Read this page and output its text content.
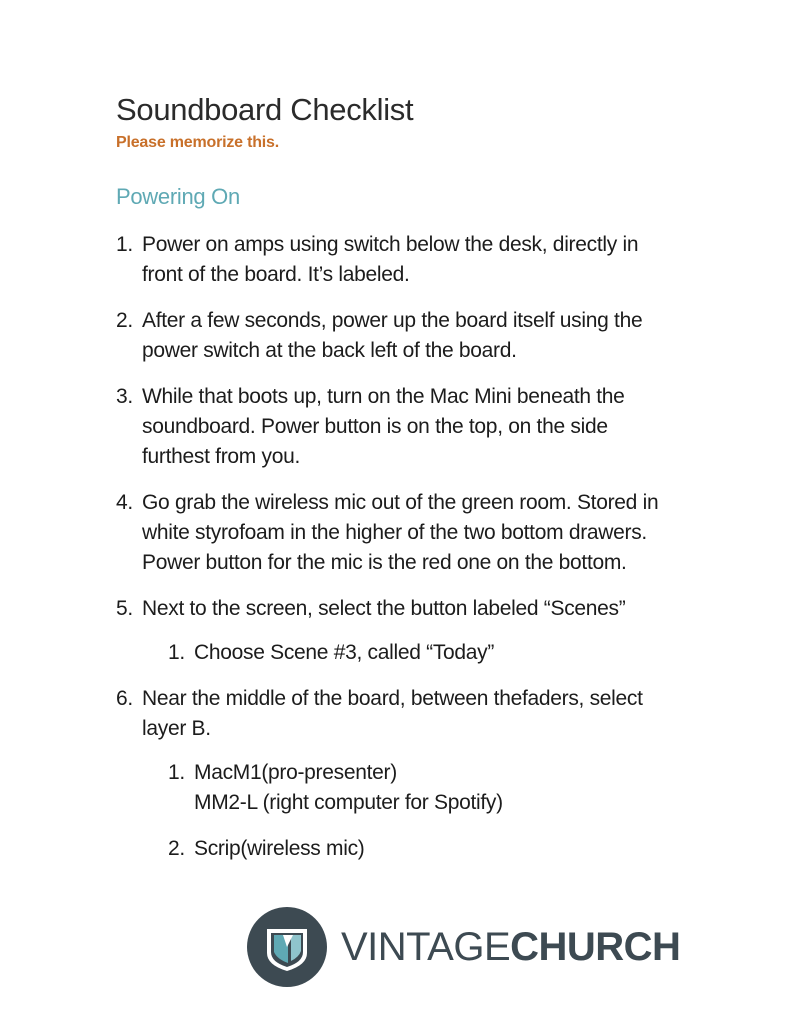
Soundboard Checklist

Please memorize this.

Powering On
1. Power on amps using switch below the desk, directly in
front of the board. It’s labeled.
2. After a few seconds, power up the board itself using the
power switch at the back left of the board.
3. While that boots up, turn on the Mac Mini beneath the
soundboard. Power button is on the top, on the side
furthest from you.
4. Go grab the wireless mic out of the green room. Stored in
white styrofoam in the higher of the two bottom drawers.
Power button for the mic is the red one on the bottom.
5. Next to the screen, select the button labeled “Scenes”
1. Choose Scene #3, called “Today”
6. Near the middle of the board, between thefaders, select
layer B.
1. MacM1(pro-presenter)
MM2-L (right computer for Spotify)
2. Scrip(wireless mic)
VINTAGECHURCH
